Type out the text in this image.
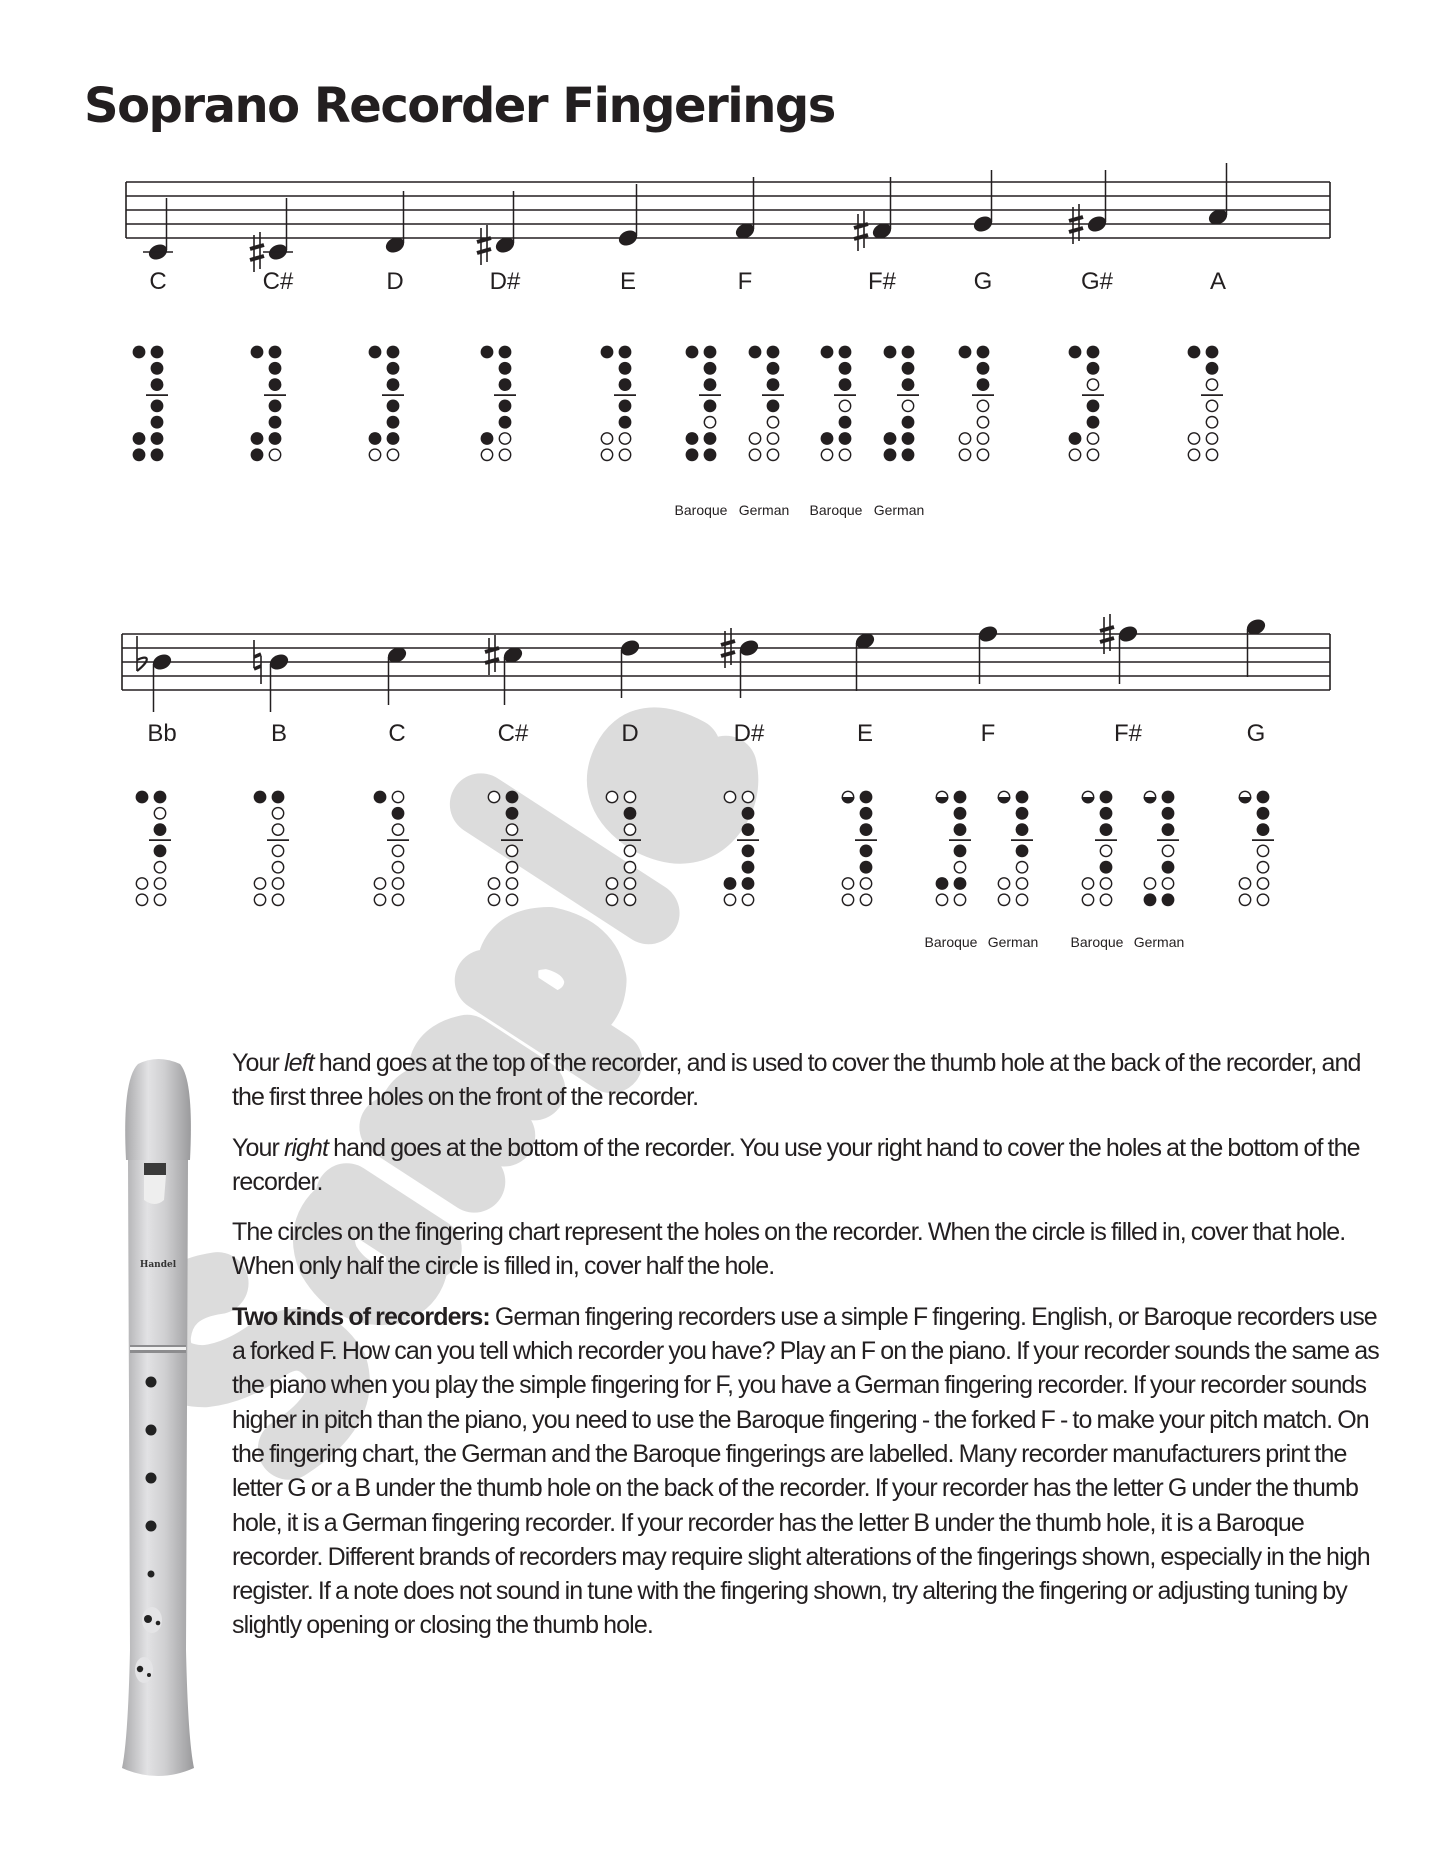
Soprano Recorder Fingerings
C	C#	D	D#	E	F	F#	G	G#	A
Baroque German Baroque German
Bb	B	C	C#	D	D#	E	F	F#	G
Baroque German Baroque German
Handel

Your left hand goes at the top of the recorder, and is used to cover the thumb hole at the back of the recorder, and the first three holes on the front of the recorder.

Your right hand goes at the bottom of the recorder. You use your right hand to cover the holes at the bottom of the recorder.

The circles on the fingering chart represent the holes on the recorder. When the circle is filled in, cover that hole. When only half the circle is filled in, cover half the hole.

Two kinds of recorders: German fingering recorders use a simple F fingering. English, or Baroque recorders use a forked F. How can you tell which recorder you have? Play an F on the piano. If your recorder sounds the same as the piano when you play the simple fingering for F, you have a German fingering recorder. If your recorder sounds higher in pitch than the piano, you need to use the Baroque fingering - the forked F - to make your pitch match. On the fingering chart, the German and the Baroque fingerings are labelled. Many recorder manufacturers print the letter G or a B under the thumb hole on the back of the recorder. If your recorder has the letter G under the thumb hole, it is a German fingering recorder. If your recorder has the letter B under the thumb hole, it is a Baroque recorder. Different brands of recorders may require slight alterations of the fingerings shown, especially in the high register. If a note does not sound in tune with the fingering shown, try altering the fingering or adjusting tuning by slightly opening or closing the thumb hole.
